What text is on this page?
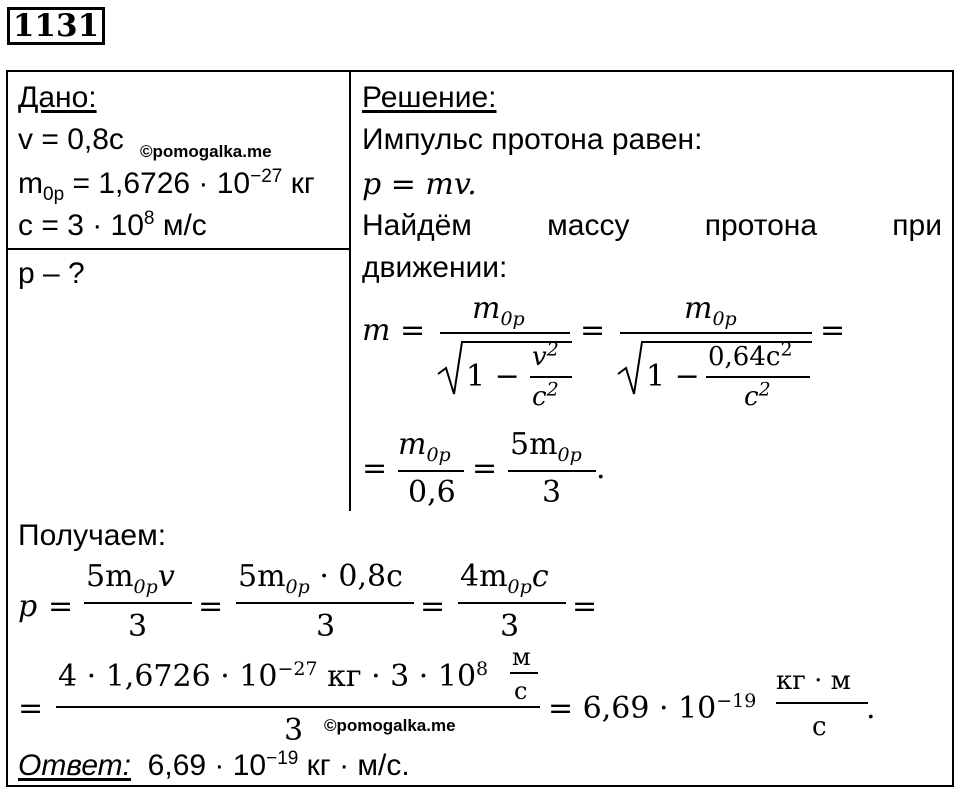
1131
Дано:
v = 0,8c ©pomogalka.me
$m_{0p} = 1,6726 \cdot 10^{-27}$ кг
$c = 3 \cdot 10^8$ м/с
p – ?
Решение:
Импульс протона равен:
p = mv.
Найдём	массу	протона	при
движении:
m =
$m_{0p}$
1 −
$v^2$
$c^2$
=
$m_{0p}$
1 −
$0,64c^2$
$c^2$
=
=
$m_{0p}$
0,6
=
$5m_{0p}$
3
.
Получаем:
p =
$5m_{0p}v$
3
=
$5m_{0p} \cdot 0,8c$
3
=
$4m_{0p}c$
3
=
=
$4 \cdot 1,6726 \cdot 10^{-27}$ кг · $3 \cdot 10^8$ м
с
3 ©pomogalka.me	= $6,69 \cdot 10^{-19}$
кг · м
с
.
Ответ: $6,69 \cdot 10^{-19}$ кг · м/с.
